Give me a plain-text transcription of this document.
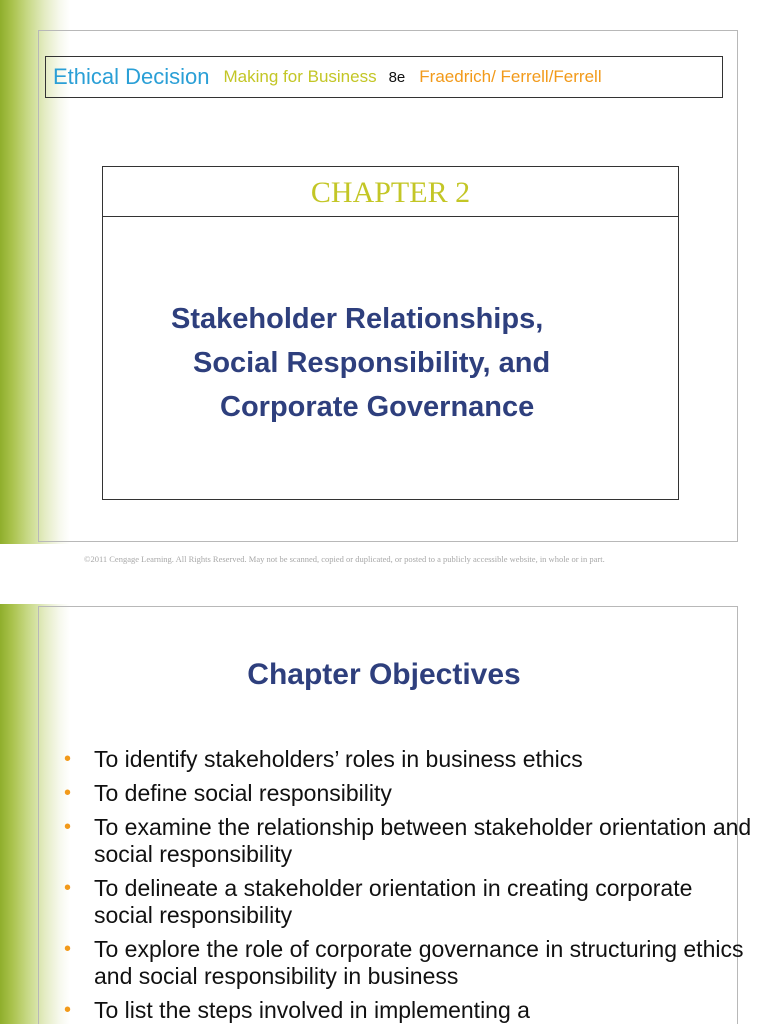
Ethical Decision Making for Business 8e Fraedrich/ Ferrell/Ferrell
CHAPTER 2
Stakeholder Relationships,
Social Responsibility, and
Corporate Governance
©2011 Cengage Learning. All Rights Reserved. May not be scanned, copied or duplicated, or posted to a publicly accessible website, in whole or in part.
Chapter Objectives
• To identify stakeholders’ roles in business ethics
• To define social responsibility
• To examine the relationship between stakeholder orientation and social responsibility
• To delineate a stakeholder orientation in creating corporate social responsibility
• To explore the role of corporate governance in structuring ethics and social responsibility in business
• To list the steps involved in implementing a
